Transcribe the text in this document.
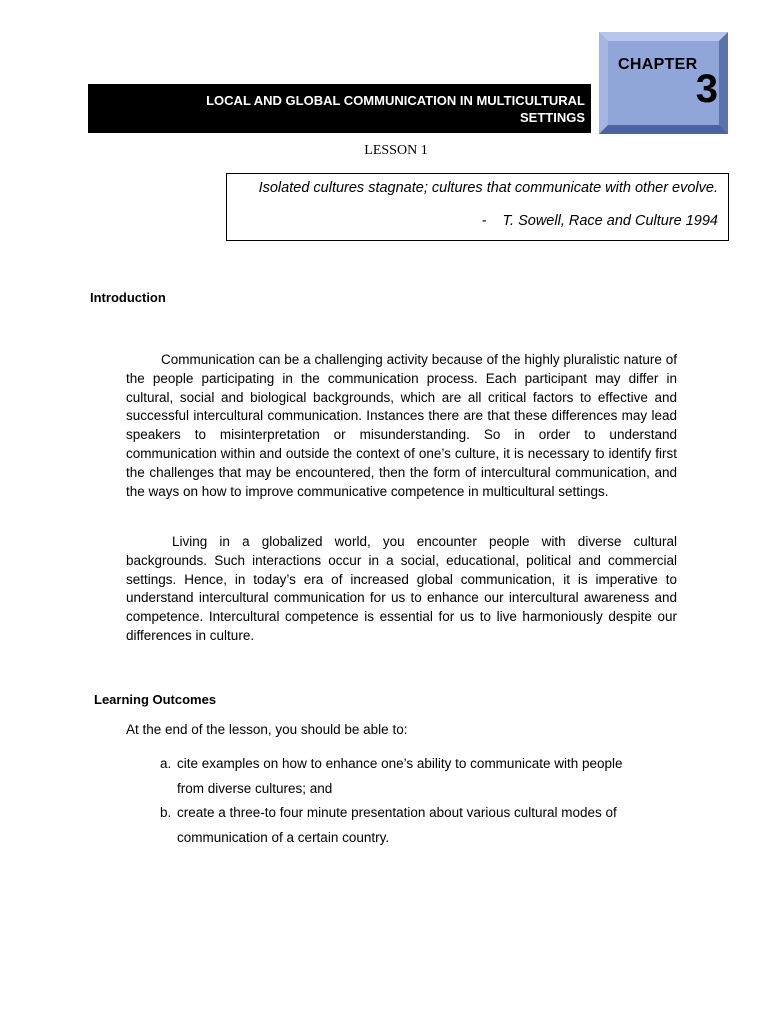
CHAPTER
3
LOCAL AND GLOBAL COMMUNICATION IN MULTICULTURAL
SETTINGS
LESSON 1
Isolated cultures stagnate; cultures that communicate with other evolve.
- T. Sowell, Race and Culture 1994
Introduction

Communication can be a challenging activity because of the highly pluralistic nature of the people participating in the communication process. Each participant may differ in cultural, social and biological backgrounds, which are all critical factors to effective and successful intercultural communication. Instances there are that these differences may lead speakers to misinterpretation or misunderstanding. So in order to understand communication within and outside the context of one’s culture, it is necessary to identify first the challenges that may be encountered, then the form of intercultural communication, and the ways on how to improve communicative competence in multicultural settings.

Living in a globalized world, you encounter people with diverse cultural backgrounds. Such interactions occur in a social, educational, political and commercial settings. Hence, in today’s era of increased global communication, it is imperative to understand intercultural communication for us to enhance our intercultural awareness and competence. Intercultural competence is essential for us to live harmoniously despite our differences in culture.

Learning Outcomes
At the end of the lesson, you should be able to:
a. cite examples on how to enhance one’s ability to communicate with people from diverse cultures; and
b. create a three-to four minute presentation about various cultural modes of communication of a certain country.
